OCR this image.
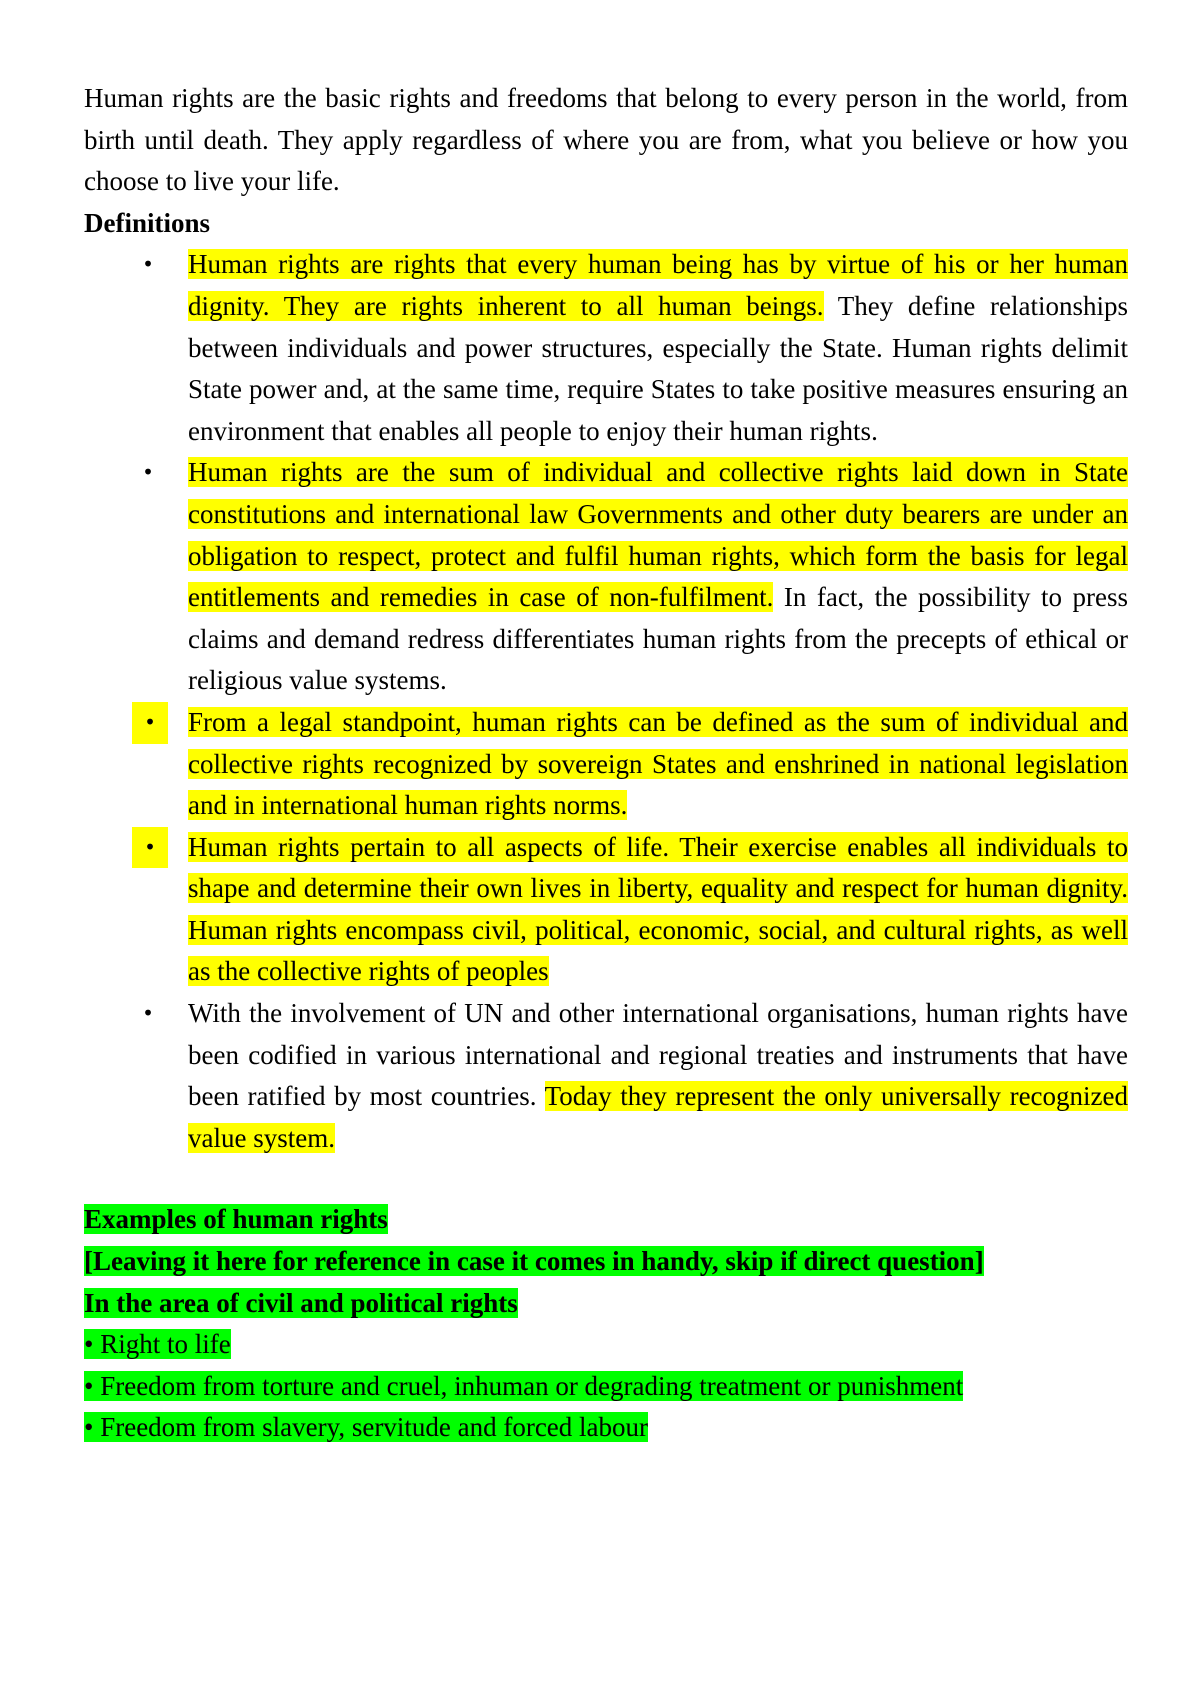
Human rights are the basic rights and freedoms that belong to every person in the world, from birth until death. They apply regardless of where you are from, what you believe or how you choose to live your life.

Definitions

•	Human rights are rights that every human being has by virtue of his or her human dignity. They are rights inherent to all human beings. They define relationships between individuals and power structures, especially the State. Human rights delimit State power and, at the same time, require States to take positive measures ensuring an environment that enables all people to enjoy their human rights.
•	Human rights are the sum of individual and collective rights laid down in State constitutions and international law Governments and other duty bearers are under an obligation to respect, protect and fulfil human rights, which form the basis for legal entitlements and remedies in case of non-fulfilment. In fact, the possibility to press claims and demand redress differentiates human rights from the precepts of ethical or religious value systems.
•	From a legal standpoint, human rights can be defined as the sum of individual and collective rights recognized by sovereign States and enshrined in national legislation and in international human rights norms.
•	Human rights pertain to all aspects of life. Their exercise enables all individuals to shape and determine their own lives in liberty, equality and respect for human dignity. Human rights encompass civil, political, economic, social, and cultural rights, as well as the collective rights of peoples
•	With the involvement of UN and other international organisations, human rights have been codified in various international and regional treaties and instruments that have been ratified by most countries. Today they represent the only universally recognized value system.

Examples of human rights

[Leaving it here for reference in case it comes in handy, skip if direct question]

In the area of civil and political rights

• Right to life

• Freedom from torture and cruel, inhuman or degrading treatment or punishment

• Freedom from slavery, servitude and forced labour
